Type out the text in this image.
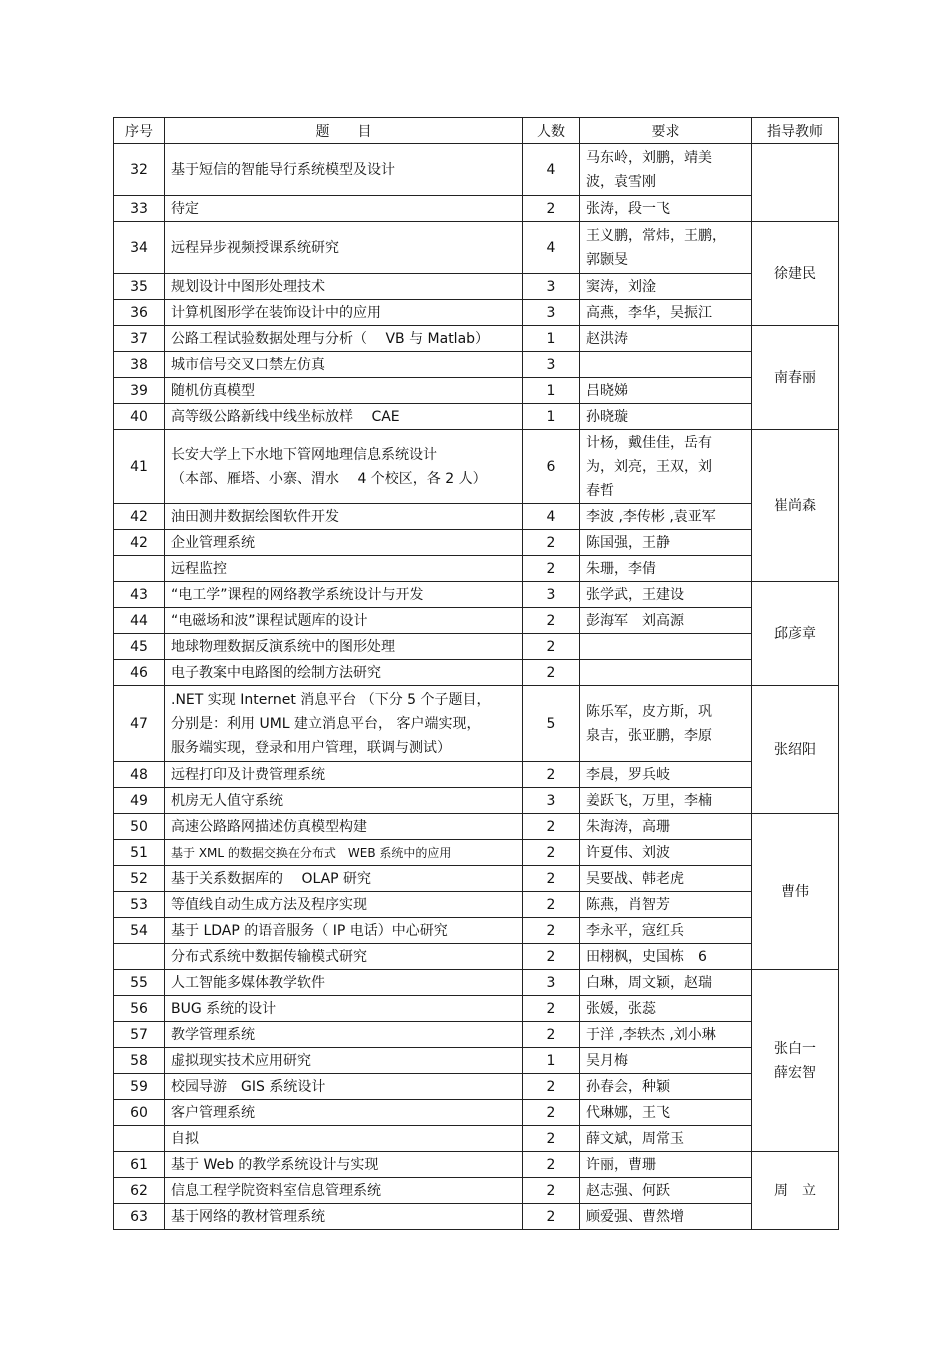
序号	题　　目	人数	要求	指导教师
32	基于短信的智能导行系统模型及设计	4	马东岭，刘鹏，靖美
波，袁雪刚	
33	待定	2	张涛，段一飞	
34	远程异步视频授课系统研究	4	王义鹏，常炜，王鹏，
郭颢旻	徐建民
35	规划设计中图形处理技术	3	窦涛，刘淦	
36	计算机图形学在装饰设计中的应用	3	高燕，李华，吴振江	
37	公路工程试验数据处理与分析（　 VB 与 Matlab）	1	赵洪涛	南春丽
38	城市信号交叉口禁左仿真	3		
39	随机仿真模型	1	吕晓娣	
40	高等级公路新线中线坐标放样　 CAE	1	孙晓璇	
41	长安大学上下水地下管网地理信息系统设计
（本部、雁塔、小寨、渭水　 4 个校区，各 2 人）	6	计杨，戴佳佳，岳有
为，刘亮，王双，刘
春哲	崔尚森
42	油田测井数据绘图软件开发	4	李波 ,李传彬 ,袁亚军	
42	企业管理系统	2	陈国强，王静	
	远程监控	2	朱珊，李倩	
43	“电工学”课程的网络教学系统设计与开发	3	张学武，王建设	邱彦章
44	“电磁场和波”课程试题库的设计	2	彭海军　刘高源	
45	地球物理数据反演系统中的图形处理	2		
46	电子教案中电路图的绘制方法研究	2		
47	.NET 实现 Internet 消息平台 （下分 5 个子题目，
分别是：利用 UML 建立消息平台， 客户端实现，
服务端实现，登录和用户管理，联调与测试）	5	陈乐军，皮方斯，巩
泉吉，张亚鹏，李原	张绍阳
48	远程打印及计费管理系统	2	李晨，罗兵岐	
49	机房无人值守系统	3	姜跃飞，万里，李楠	
50	高速公路路网描述仿真模型构建	2	朱海涛，高珊	曹伟
51	基于 XML 的数据交换在分布式　WEB 系统中的应用	2	许夏伟、刘波	
52	基于关系数据库的　 OLAP 研究	2	吴要战、韩老虎	
53	等值线自动生成方法及程序实现	2	陈燕，肖智芳	
54	基于 LDAP 的语音服务（ IP 电话）中心研究	2	李永平，寇红兵	
	分布式系统中数据传输模式研究	2	田栩枫，史国栋　6	
55	人工智能多媒体教学软件	3	白琳，周文颖，赵瑞	张白一
薛宏智
56	BUG 系统的设计	2	张媛，张蕊	
57	教学管理系统	2	于洋 ,李轶杰 ,刘小琳	
58	虚拟现实技术应用研究	1	吴月梅	
59	校园导游　GIS 系统设计	2	孙春会，种颖	
60	客户管理系统	2	代琳娜，王飞	
	自拟	2	薛文斌，周常玉	
61	基于 Web 的教学系统设计与实现	2	许丽，曹珊	周　立
62	信息工程学院资料室信息管理系统	2	赵志强、何跃	
63	基于网络的教材管理系统	2	顾爱强、曹然增	
